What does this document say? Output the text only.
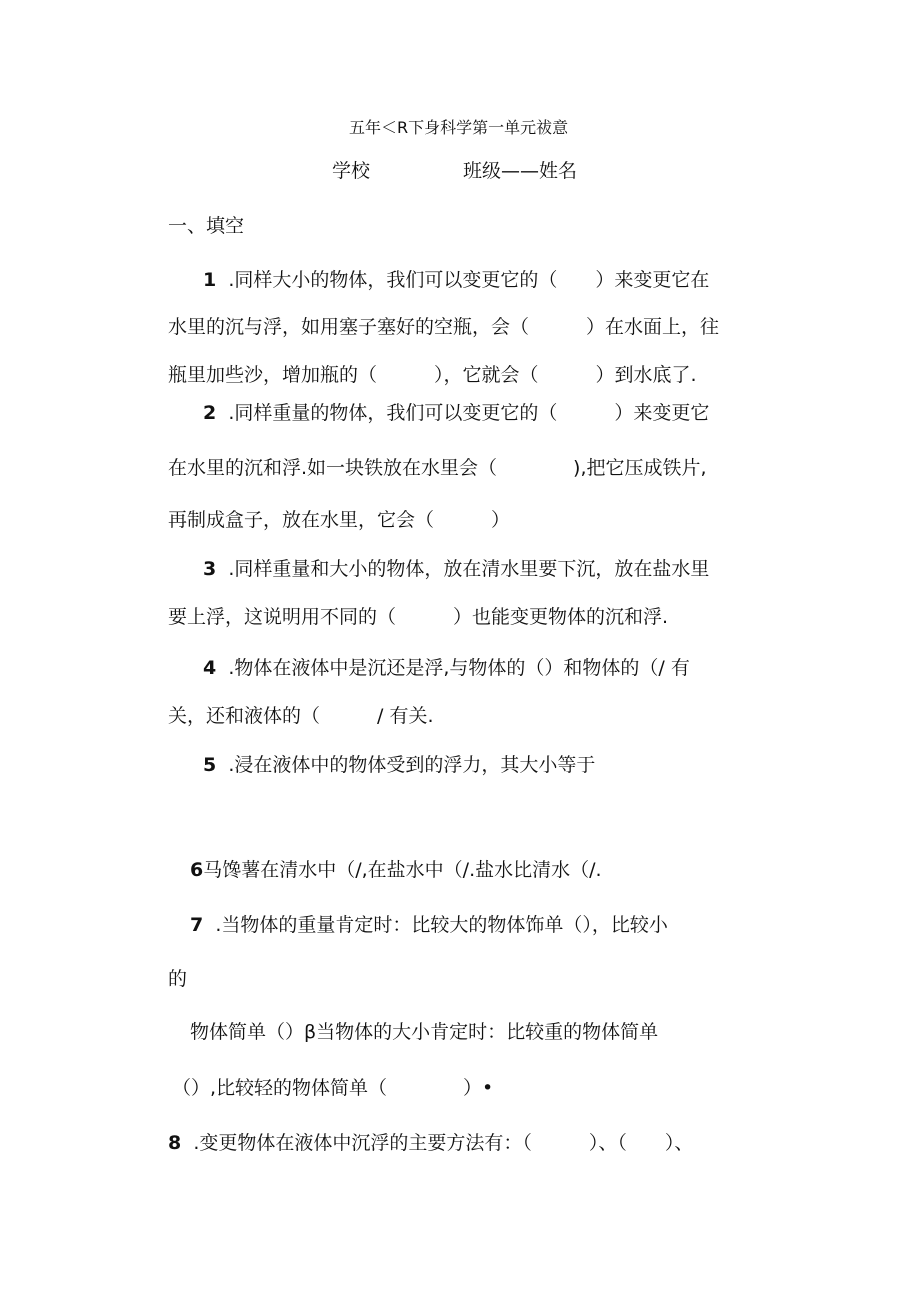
五年＜R下身科学第一单元祓意
学校	班级——姓名
一、填空
1 .同样大小的物体，我们可以变更它的（　　）来变更它在
水里的沉与浮，如用塞子塞好的空瓶，会（　　　）在水面上，往
瓶里加些沙，增加瓶的（　　　），它就会（　　　）到水底了.
2 .同样重量的物体，我们可以变更它的（　　　）来变更它
在水里的沉和浮.如一块铁放在水里会（　　　　),把它压成铁片,
再制成盒子，放在水里，它会（　　　）
3 .同样重量和大小的物体，放在清水里要下沉，放在盐水里
要上浮，这说明用不同的（　　　）也能变更物体的沉和浮.
4 .物体在液体中是沉还是浮,与物体的（）和物体的（/ 有
关，还和液体的（　　　/ 有关.
5 .浸在液体中的物体受到的浮力，其大小等于
6马馋薯在清水中（/,在盐水中（/.盐水比清水（/.
7 .当物体的重量肯定时：比较大的物体饰单（），比较小
的
物体简单（）β当物体的大小肯定时：比较重的物体简单
（）,比较轻的物体简单（　　　　）•
8 .变更物体在液体中沉浮的主要方法有：（　　　）、（　　）、
